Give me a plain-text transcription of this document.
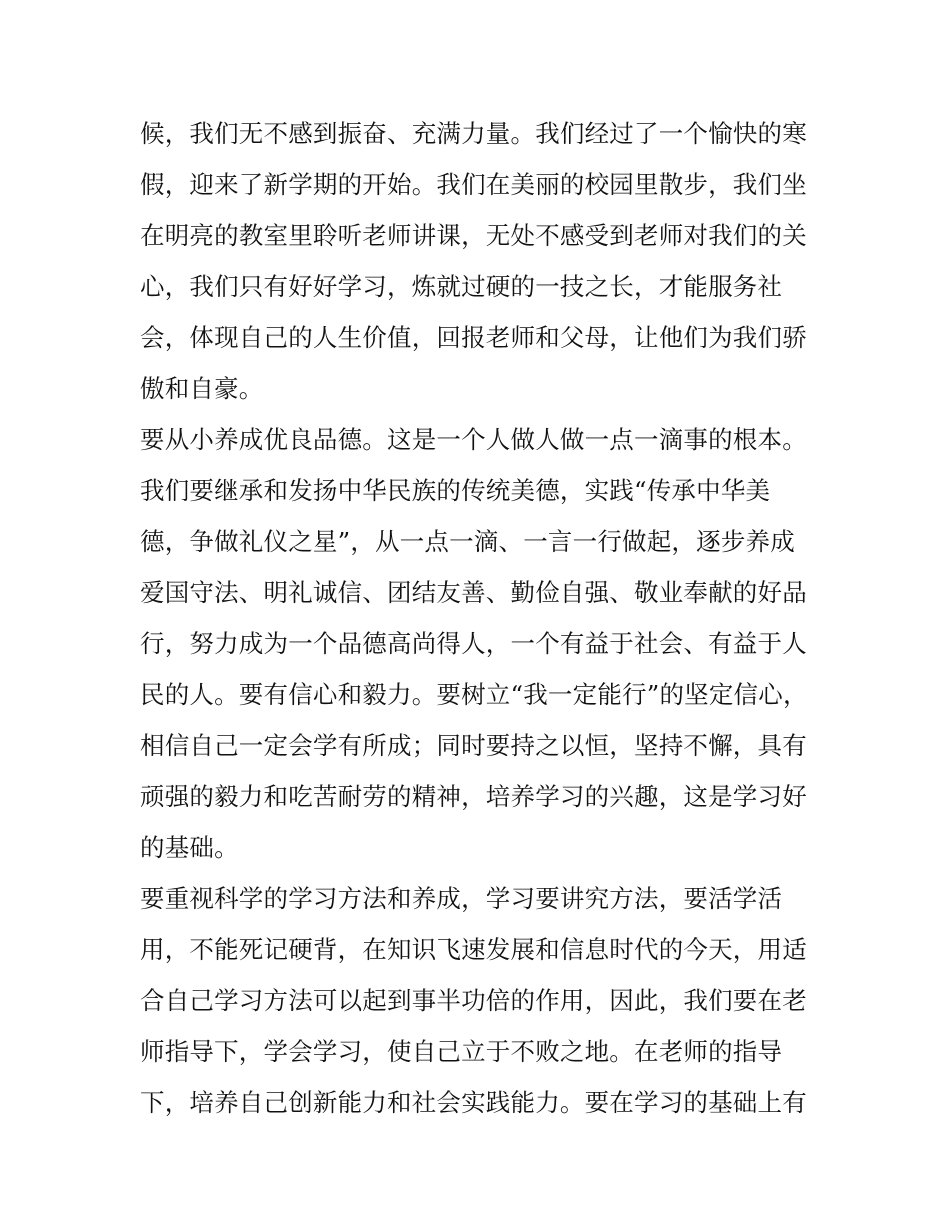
候，我们无不感到振奋、充满力量。我们经过了一个愉快的寒
假，迎来了新学期的开始。我们在美丽的校园里散步，我们坐
在明亮的教室里聆听老师讲课，无处不感受到老师对我们的关
心，我们只有好好学习，炼就过硬的一技之长，才能服务社
会，体现自己的人生价值，回报老师和父母，让他们为我们骄
傲和自豪。
要从小养成优良品德。这是一个人做人做一点一滴事的根本。
我们要继承和发扬中华民族的传统美德，实践“传承中华美
德，争做礼仪之星”，从一点一滴、一言一行做起，逐步养成
爱国守法、明礼诚信、团结友善、勤俭自强、敬业奉献的好品
行，努力成为一个品德高尚得人，一个有益于社会、有益于人
民的人。要有信心和毅力。要树立“我一定能行”的坚定信心，
相信自己一定会学有所成；同时要持之以恒，坚持不懈，具有
顽强的毅力和吃苦耐劳的精神，培养学习的兴趣，这是学习好
的基础。
要重视科学的学习方法和养成，学习要讲究方法，要活学活
用，不能死记硬背，在知识飞速发展和信息时代的今天，用适
合自己学习方法可以起到事半功倍的作用，因此，我们要在老
师指导下，学会学习，使自己立于不败之地。在老师的指导
下，培养自己创新能力和社会实践能力。要在学习的基础上有
